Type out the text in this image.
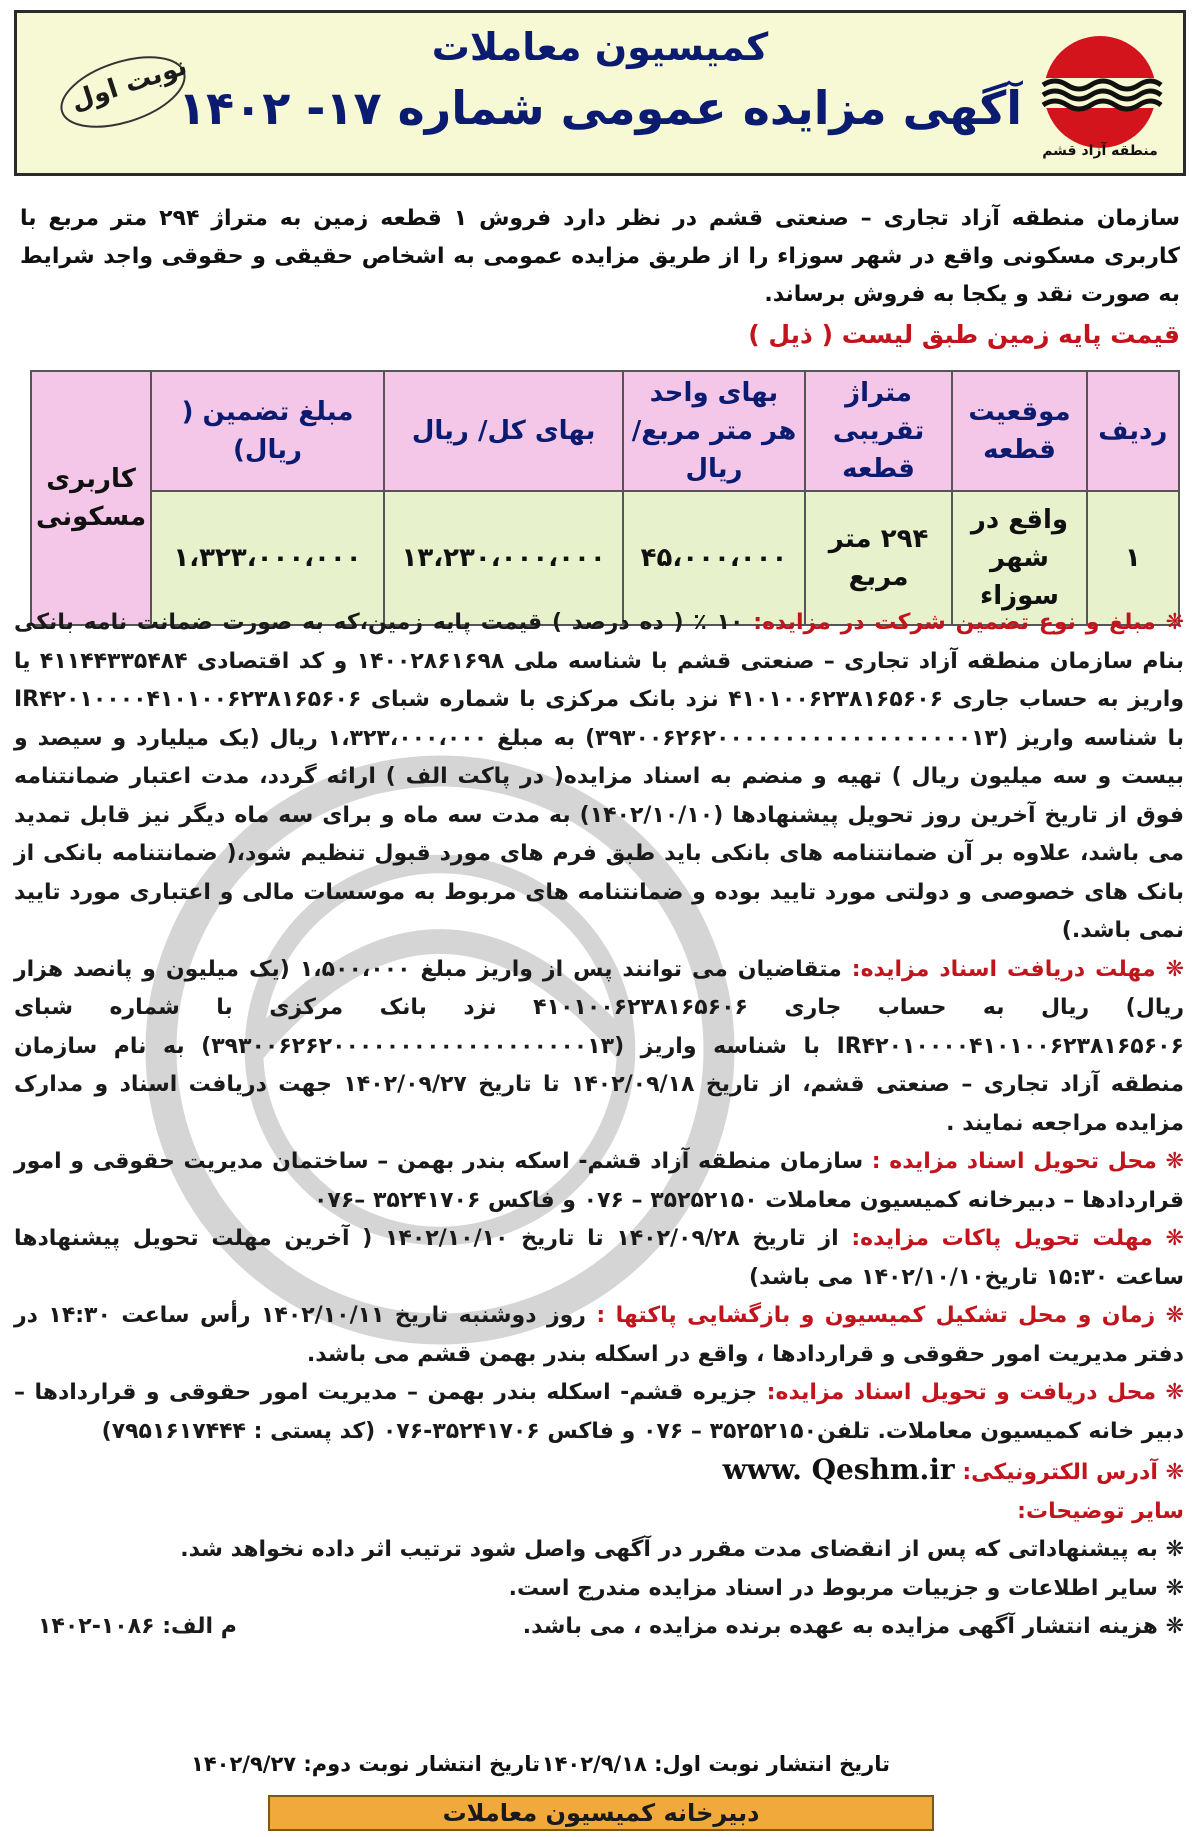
کمیسیون معاملات
آگهی مزایده عمومی شماره ۱۷- ۱۴۰۲
منطقه آزاد قشم
نوبت اول
سازمان منطقه آزاد تجاری – صنعتی قشم در نظر دارد فروش ۱ قطعه زمین به متراژ ۲۹۴ متر مربع با کاربری مسکونی واقع در شهر سوزاء را از طریق مزایده عمومی به اشخاص حقیقی و حقوقی واجد شرایط به صورت نقد و یکجا به فروش برساند.
قیمت پایه زمین طبق لیست ( ذیل )
ردیف	موقعیت قطعه	متراژ تقریبی قطعه	بهای واحد هر متر مربع/ ریال	بهای کل/ ریال	مبلغ تضمین ( ریال)	کاربری مسکونی
۱	واقع در شهر سوزاء	۲۹۴ متر مربع	۴۵،۰۰۰،۰۰۰	۱۳،۲۳۰،۰۰۰،۰۰۰	۱،۳۲۳،۰۰۰،۰۰۰	

❋ مبلغ و نوع تضمین شرکت در مزایده: ۱۰ ٪ ( ده درصد ) قیمت پایه زمین،که به صورت ضمانت نامه بانکی بنام سازمان منطقه آزاد تجاری – صنعتی قشم با شناسه ملی ۱۴۰۰۲۸۶۱۶۹۸ و کد اقتصادی ۴۱۱۴۴۳۳۵۴۸۴ یا واریز به حساب جاری ۴۱۰۱۰۰۶۲۳۸۱۶۵۶۰۶ نزد بانک مرکزی با شماره شبای IR۴۲۰۱۰۰۰۰۴۱۰۱۰۰۶۲۳۸۱۶۵۶۰۶ با شناسه واریز (۳۹۳۰۰۶۲۶۲۰۰۰۰۰۰۰۰۰۰۰۰۰۰۰۰۰۰۰۱۳) به مبلغ ۱،۳۲۳،۰۰۰،۰۰۰ ریال (یک میلیارد و سیصد و بیست و سه میلیون ریال ) تهیه و منضم به اسناد مزایده( در پاکت الف ) ارائه گردد، مدت اعتبار ضمانتنامه فوق از تاریخ آخرین روز تحویل پیشنهادها (۱۴۰۲/۱۰/۱۰) به مدت سه ماه و برای سه ماه دیگر نیز قابل تمدید می باشد، علاوه بر آن ضمانتنامه های بانکی باید طبق فرم های مورد قبول تنظیم شود،( ضمانتنامه بانکی از بانک های خصوصی و دولتی مورد تایید بوده و ضمانتنامه های مربوط به موسسات مالی و اعتباری مورد تایید نمی باشد.)

❋ مهلت دریافت اسناد مزایده: متقاضیان می توانند پس از واریز مبلغ ۱،۵۰۰،۰۰۰ (یک میلیون و پانصد هزار ریال) ریال به حساب جاری ۴۱۰۱۰۰۶۲۳۸۱۶۵۶۰۶ نزد بانک مرکزی با شماره شبای IR۴۲۰۱۰۰۰۰۴۱۰۱۰۰۶۲۳۸۱۶۵۶۰۶ با شناسه واریز (۳۹۳۰۰۶۲۶۲۰۰۰۰۰۰۰۰۰۰۰۰۰۰۰۰۰۰۰۱۳) به نام سازمان منطقه آزاد تجاری – صنعتی قشم، از تاریخ ۱۴۰۲/۰۹/۱۸ تا تاریخ ۱۴۰۲/۰۹/۲۷ جهت دریافت اسناد و مدارک مزایده مراجعه نمایند .

❋ محل تحویل اسناد مزایده : سازمان منطقه آزاد قشم- اسکه بندر بهمن – ساختمان مدیریت حقوقی و امور قراردادها – دبیرخانه کمیسیون معاملات ۳۵۲۵۲۱۵۰ – ۰۷۶ و فاکس ۳۵۲۴۱۷۰۶ –۰۷۶

❋ مهلت تحویل پاکات مزایده: از تاریخ ۱۴۰۲/۰۹/۲۸ تا تاریخ ۱۴۰۲/۱۰/۱۰ ( آخرین مهلت تحویل پیشنهادها ساعت ۱۵:۳۰ تاریخ۱۴۰۲/۱۰/۱۰ می باشد)

❋ زمان و محل تشکیل کمیسیون و بازگشایی پاکتها : روز دوشنبه تاریخ ۱۴۰۲/۱۰/۱۱ رأس ساعت ۱۴:۳۰ در دفتر مدیریت امور حقوقی و قراردادها ، واقع در اسکله بندر بهمن قشم می باشد.

❋ محل دریافت و تحویل اسناد مزایده: جزیره قشم- اسکله بندر بهمن – مدیریت امور حقوقی و قراردادها – دبیر خانه کمیسیون معاملات. تلفن۳۵۲۵۲۱۵۰ – ۰۷۶ و فاکس ۳۵۲۴۱۷۰۶-۰۷۶ (کد پستی : ۷۹۵۱۶۱۷۴۴۴)

❋ آدرس الکترونیکی: www. Qeshm.ir

سایر توضیحات:

❋ به پیشنهاداتی که پس از انقضای مدت مقرر در آگهی واصل شود ترتیب اثر داده نخواهد شد.
❋ سایر اطلاعات و جزییات مربوط در اسناد مزایده مندرج است.
❋ هزینه انتشار آگهی مزایده به عهده برنده مزایده ، می باشد.
م الف: ۱۰۸۶-۱۴۰۲
تاریخ انتشار نوبت اول: ۱۴۰۲/۹/۱۸
تاریخ انتشار نوبت دوم: ۱۴۰۲/۹/۲۷
دبیرخانه کمیسیون معاملات
